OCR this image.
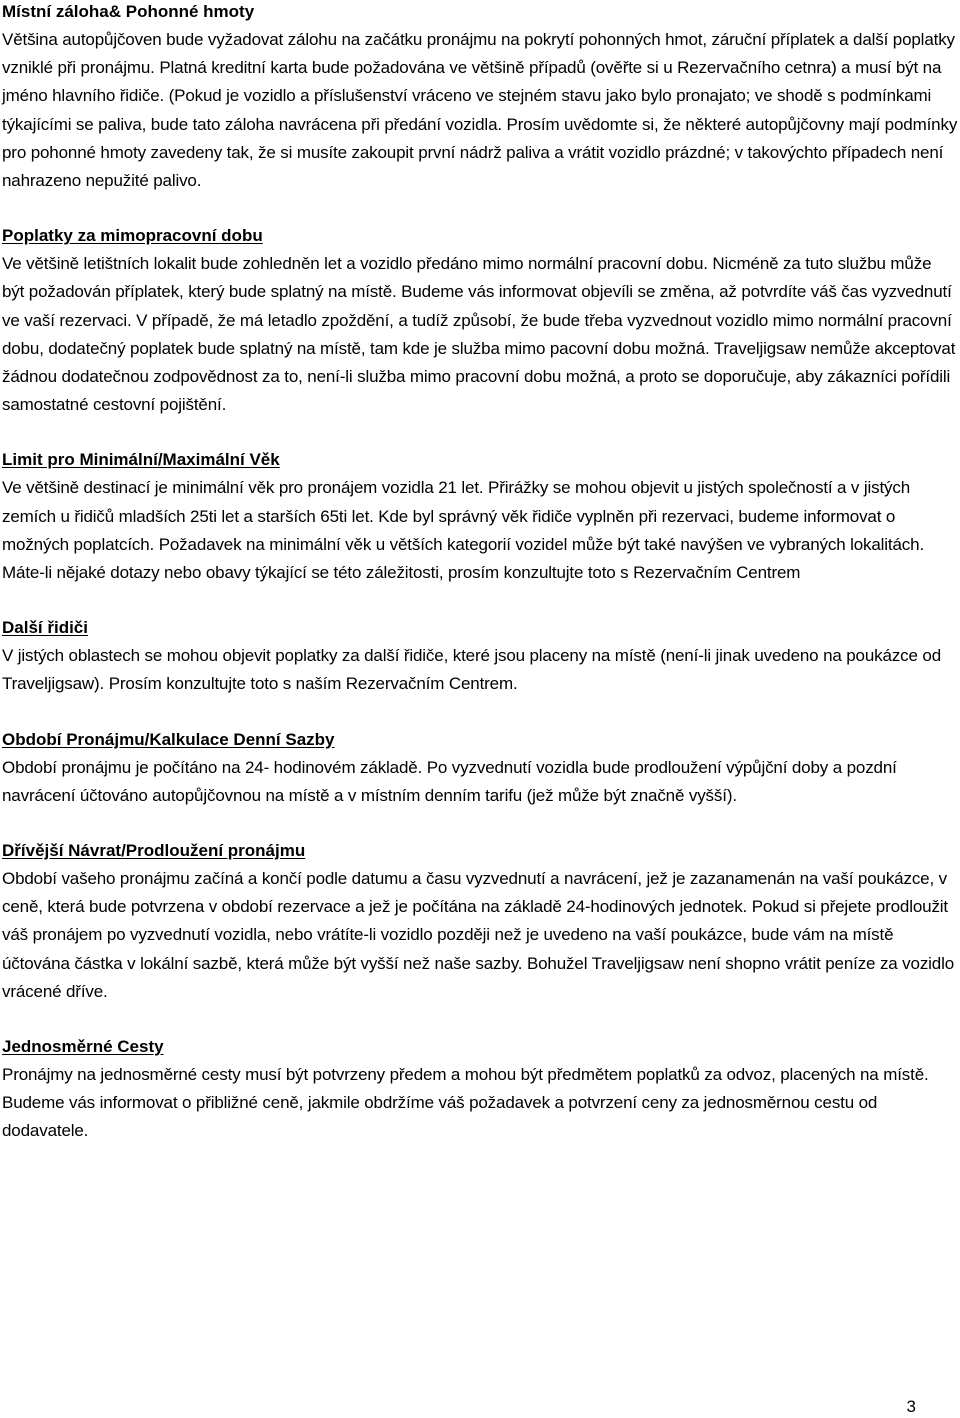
Místní záloha& Pohonné hmoty

Většina autopůjčoven bude vyžadovat zálohu na začátku pronájmu na pokrytí pohonných hmot, záruční příplatek a další poplatky vzniklé při pronájmu. Platná kreditní karta bude požadována ve většině případů (ověřte si u Rezervačního cetnra) a musí být na jméno hlavního řidiče. (Pokud je vozidlo a příslušenství vráceno ve stejném stavu jako bylo pronajato; ve shodě s podmínkami týkajícími se paliva, bude tato záloha navrácena při předání vozidla. Prosím uvědomte si, že některé autopůjčovny mají podmínky pro pohonné hmoty zavedeny tak, že si musíte zakoupit první nádrž paliva a vrátit vozidlo prázdné; v takovýchto případech není nahrazeno nepužité palivo.

Poplatky za mimopracovní dobu

Ve většině letištních lokalit bude zohledněn let a vozidlo předáno mimo normální pracovní dobu. Nicméně za tuto službu může být požadován příplatek, který bude splatný na místě. Budeme vás informovat objevíli se změna, až potvrdíte váš čas vyzvednutí ve vaší rezervaci. V případě, že má letadlo zpoždění, a tudíž způsobí, že bude třeba vyzvednout vozidlo mimo normální pracovní dobu, dodatečný poplatek bude splatný na místě, tam kde je služba mimo pacovní dobu možná. Traveljigsaw nemůže akceptovat žádnou dodatečnou zodpovědnost za to, není-li služba mimo pracovní dobu možná, a proto se doporučuje, aby zákazníci pořídili samostatné cestovní pojištění.

Limit pro Minimální/Maximální Věk

Ve většině destinací je minimální věk pro pronájem vozidla 21 let. Přirážky se mohou objevit u jistých společností a v jistých zemích u řidičů mladších 25ti let a starších 65ti let. Kde byl správný věk řidiče vyplněn při rezervaci, budeme informovat o možných poplatcích. Požadavek na minimální věk u větších kategorií vozidel může být také navýšen ve vybraných lokalitách. Máte-li nějaké dotazy nebo obavy týkající se této záležitosti, prosím konzultujte toto s Rezervačním Centrem

Další řidiči

V jistých oblastech se mohou objevit poplatky za další řidiče, které jsou placeny na místě (není-li jinak uvedeno na poukázce od Traveljigsaw). Prosím konzultujte toto s naším Rezervačním Centrem.

Období Pronájmu/Kalkulace Denní Sazby

Období pronájmu je počítáno na 24- hodinovém základě. Po vyzvednutí vozidla bude prodloužení výpůjční doby a pozdní navrácení účtováno autopůjčovnou na místě a v místním denním tarifu (jež může být značně vyšší).

Dřívější Návrat/Prodloužení pronájmu

Období vašeho pronájmu začíná a končí podle datumu a času vyzvednutí a navrácení, jež je zazanamenán na vaší poukázce, v ceně, která bude potvrzena v období rezervace a jež je počítána na základě 24-hodinových jednotek. Pokud si přejete prodloužit váš pronájem po vyzvednutí vozidla, nebo vrátíte-li vozidlo později než je uvedeno na vaší poukázce, bude vám na místě účtována částka v lokální sazbě, která může být vyšší než naše sazby. Bohužel Traveljigsaw není shopno vrátit peníze za vozidlo vrácené dříve.

Jednosměrné Cesty

Pronájmy na jednosměrné cesty musí být potvrzeny předem a mohou být předmětem poplatků za odvoz, placených na místě. Budeme vás informovat o přibližné ceně, jakmile obdržíme váš požadavek a potvrzení ceny za jednosměrnou cestu od dodavatele.

3
